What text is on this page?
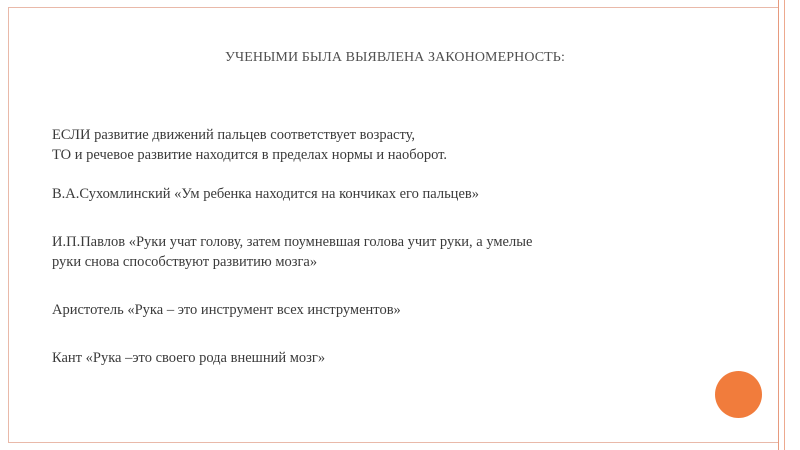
УЧЕНЫМИ БЫЛА ВЫЯВЛЕНА ЗАКОНОМЕРНОСТЬ:

ЕСЛИ развитие движений пальцев соответствует возрасту,

ТО и речевое развитие находится в пределах нормы и наоборот.

В.А.Сухомлинский «Ум ребенка находится на кончиках его пальцев»

И.П.Павлов «Руки учат голову, затем поумневшая голова учит руки, а умелые

руки снова способствуют развитию мозга»

Аристотель «Рука – это инструмент всех инструментов»

Кант «Рука –это своего рода внешний мозг»
